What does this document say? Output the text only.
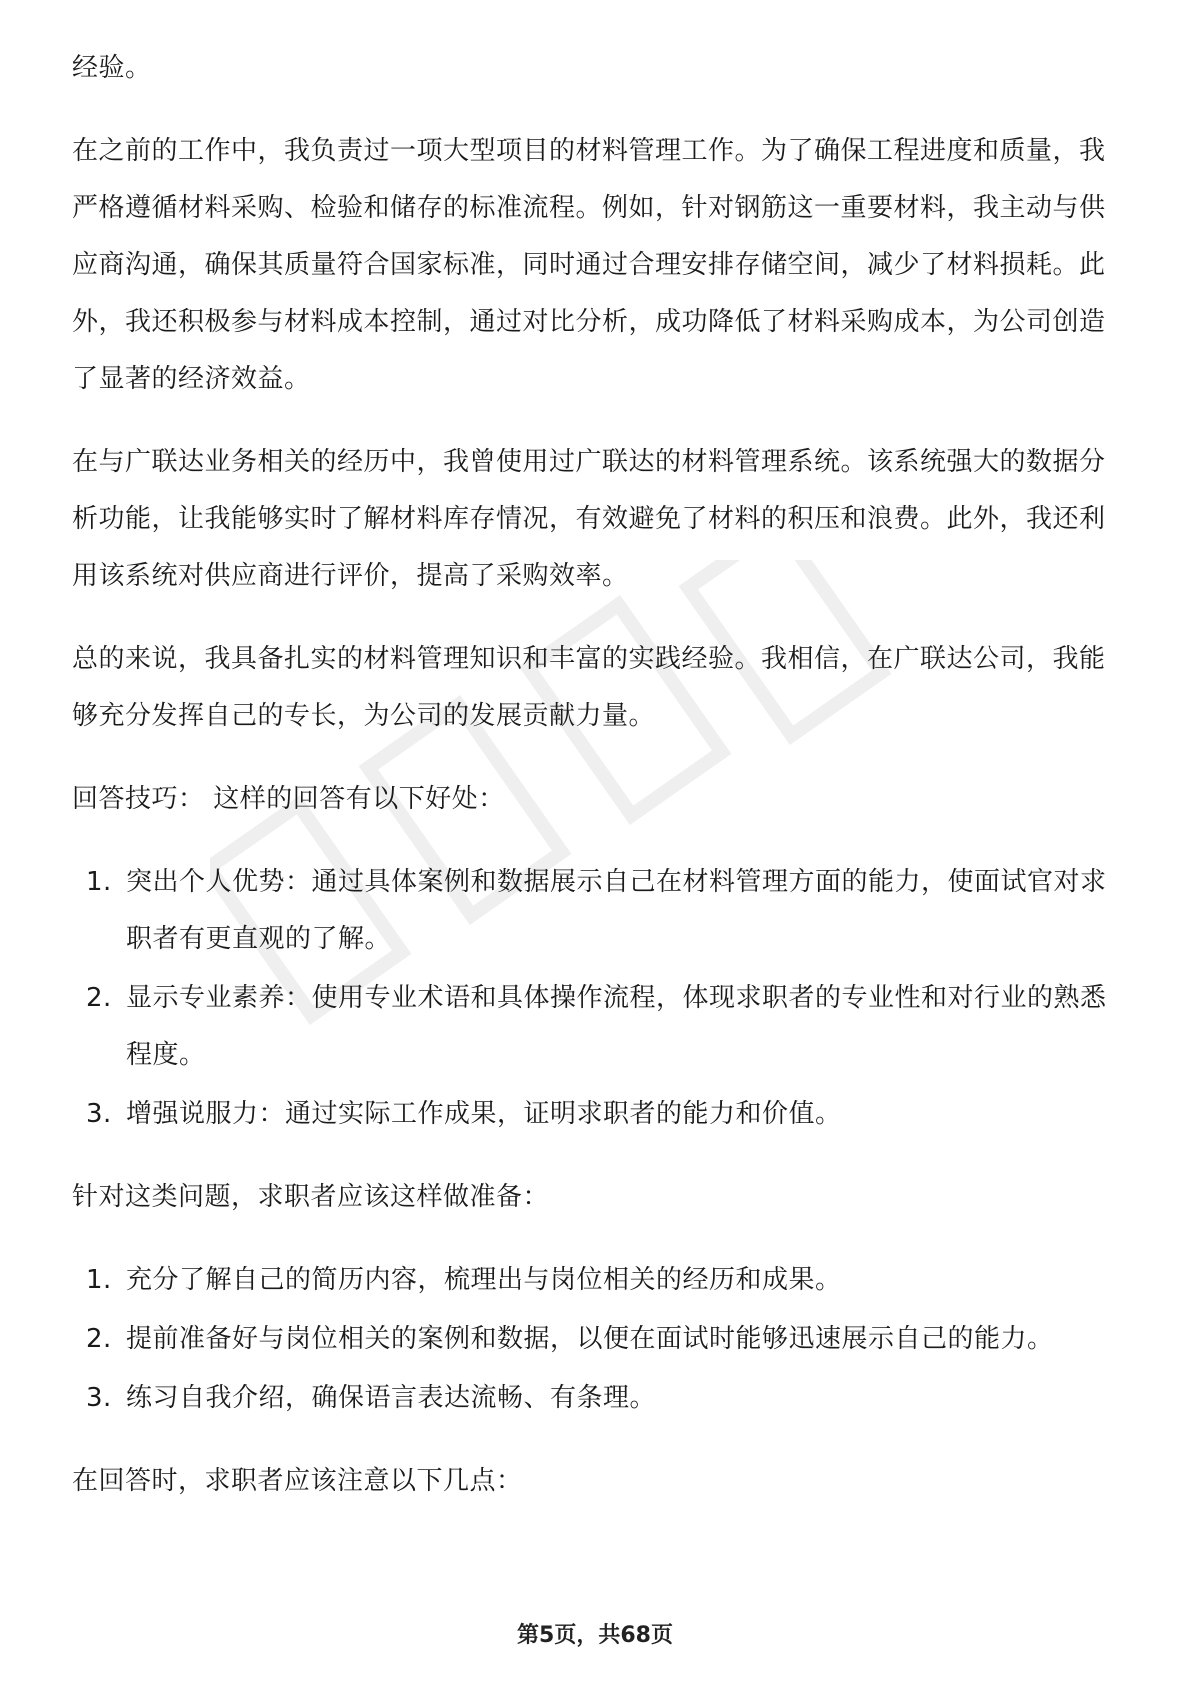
经验。

在之前的工作中，我负责过一项大型项目的材料管理工作。为了确保工程进度和质量，我严格遵循材料采购、检验和储存的标准流程。例如，针对钢筋这一重要材料，我主动与供应商沟通，确保其质量符合国家标准，同时通过合理安排存储空间，减少了材料损耗。此外，我还积极参与材料成本控制，通过对比分析，成功降低了材料采购成本，为公司创造了显著的经济效益。

在与广联达业务相关的经历中，我曾使用过广联达的材料管理系统。该系统强大的数据分析功能，让我能够实时了解材料库存情况，有效避免了材料的积压和浪费。此外，我还利用该系统对供应商进行评价，提高了采购效率。

总的来说，我具备扎实的材料管理知识和丰富的实践经验。我相信，在广联达公司，我能够充分发挥自己的专长，为公司的发展贡献力量。

回答技巧： 这样的回答有以下好处：

1. 突出个人优势：通过具体案例和数据展示自己在材料管理方面的能力，使面试官对求职者有更直观的了解。
2. 显示专业素养：使用专业术语和具体操作流程，体现求职者的专业性和对行业的熟悉程度。
3. 增强说服力：通过实际工作成果，证明求职者的能力和价值。

针对这类问题，求职者应该这样做准备：

1. 充分了解自己的简历内容，梳理出与岗位相关的经历和成果。
2. 提前准备好与岗位相关的案例和数据，以便在面试时能够迅速展示自己的能力。
3. 练习自我介绍，确保语言表达流畅、有条理。

在回答时，求职者应该注意以下几点：

第5页，共68页
